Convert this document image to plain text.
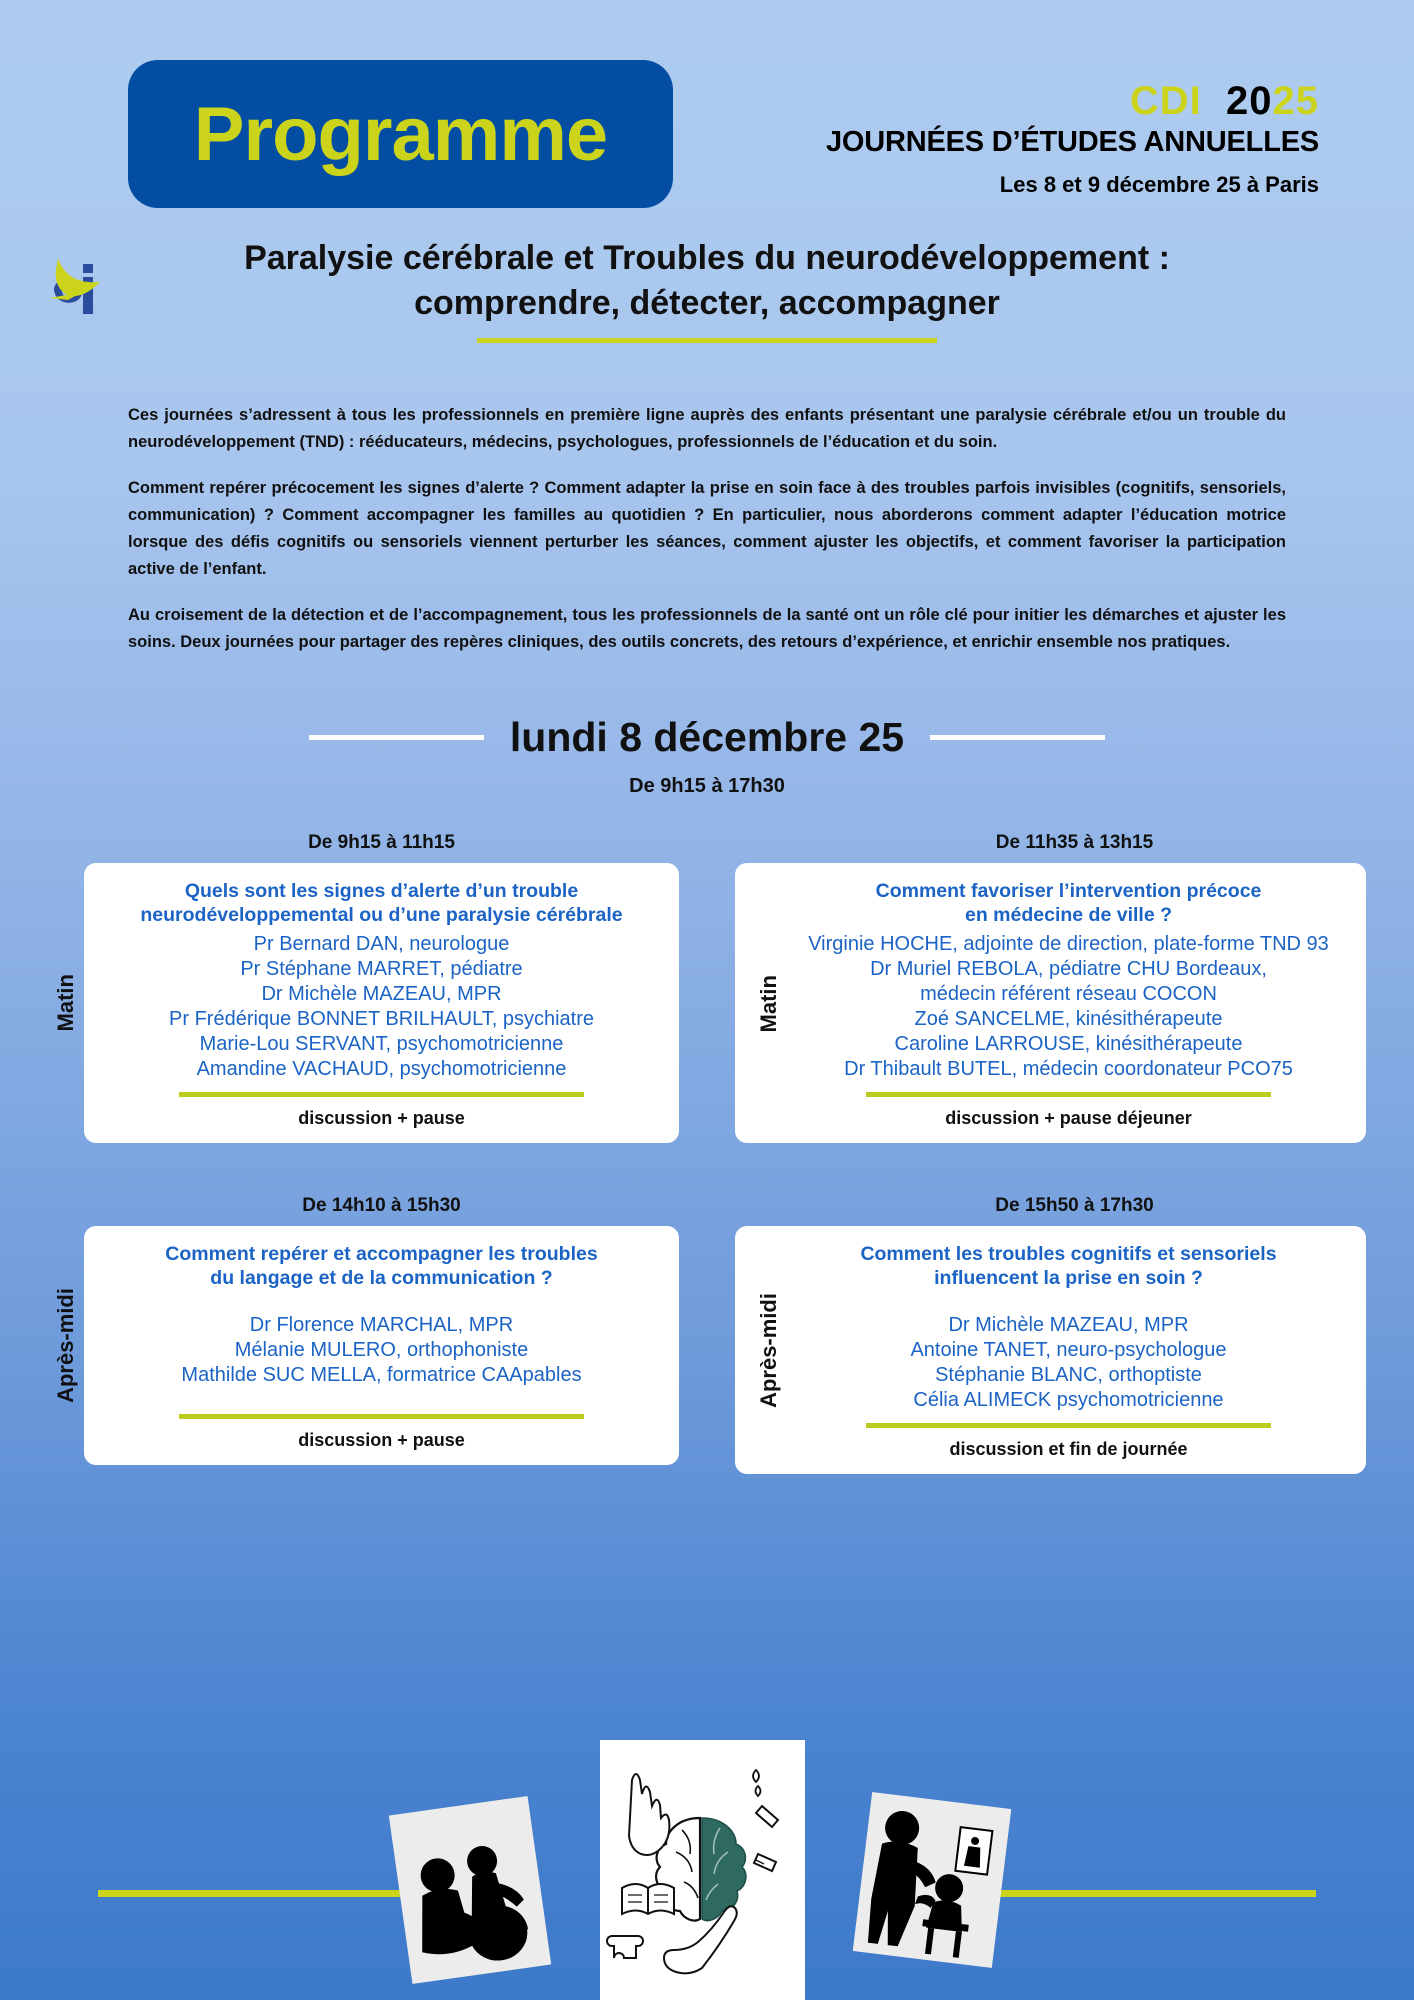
Programme	CDI 2025
JOURNÉES D’ÉTUDES ANNUELLES
Les 8 et 9 décembre 25 à Paris
Paralysie cérébrale et Troubles du neurodéveloppement :
comprendre, détecter, accompagner

Ces journées s’adressent à tous les professionnels en première ligne auprès des enfants présentant une paralysie cérébrale et/ou un trouble du neurodéveloppement (TND) : rééducateurs, médecins, psychologues, professionnels de l’éducation et du soin.

Comment repérer précocement les signes d’alerte ? Comment adapter la prise en soin face à des troubles parfois invisibles (cognitifs, sensoriels, communication) ? Comment accompagner les familles au quotidien ? En particulier, nous aborderons comment adapter l’éducation motrice lorsque des défis cognitifs ou sensoriels viennent perturber les séances, comment ajuster les objectifs, et comment favoriser la participation active de l’enfant.

Au croisement de la détection et de l’accompagnement, tous les professionnels de la santé ont un rôle clé pour initier les démarches et ajuster les soins. Deux journées pour partager des repères cliniques, des outils concrets, des retours d’expérience, et enrichir ensemble nos pratiques.

lundi 8 décembre 25
De 9h15 à 17h30
De 9h15 à 11h15
Matin
Quels sont les signes d’alerte d’un trouble
neurodéveloppemental ou d’une paralysie cérébrale
Pr Bernard DAN, neurologue
Pr Stéphane MARRET, pédiatre
Dr Michèle MAZEAU, MPR
Pr Frédérique BONNET BRILHAULT, psychiatre
Marie-Lou SERVANT, psychomotricienne
Amandine VACHAUD, psychomotricienne
discussion + pause
De 11h35 à 13h15
Matin
Comment favoriser l’intervention précoce
en médecine de ville ?
Virginie HOCHE, adjointe de direction, plate-forme TND 93
Dr Muriel REBOLA, pédiatre CHU Bordeaux,
médecin référent réseau COCON
Zoé SANCELME, kinésithérapeute
Caroline LARROUSE, kinésithérapeute
Dr Thibault BUTEL, médecin coordonateur PCO75
discussion + pause déjeuner
De 14h10 à 15h30
Après-midi
Comment repérer et accompagner les troubles
du langage et de la communication ?
Dr Florence MARCHAL, MPR
Mélanie MULERO, orthophoniste
Mathilde SUC MELLA, formatrice CAApables
discussion + pause
De 15h50 à 17h30
Après-midi
Comment les troubles cognitifs et sensoriels
influencent la prise en soin ?
Dr Michèle MAZEAU, MPR
Antoine TANET, neuro-psychologue
Stéphanie BLANC, orthoptiste
Célia ALIMECK psychomotricienne
discussion et fin de journée
